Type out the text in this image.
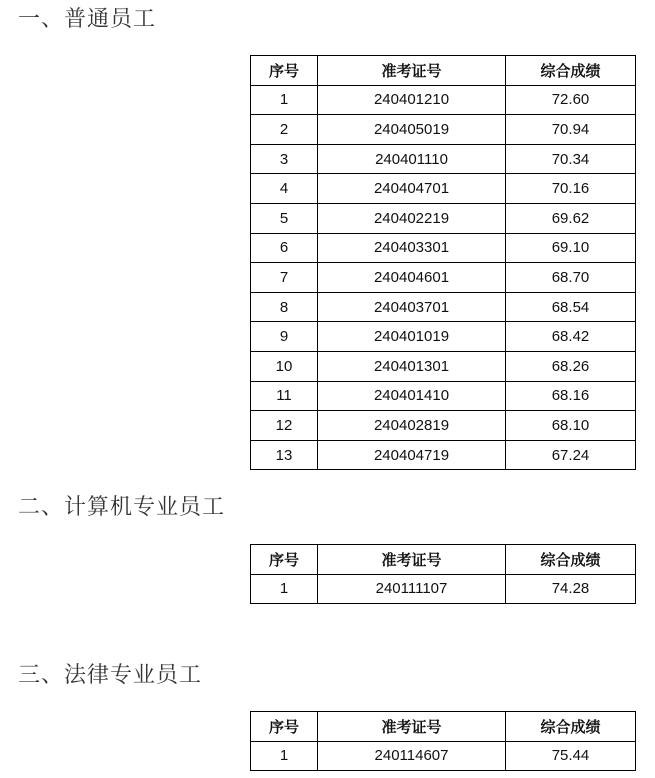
一、普通员工
序号	准考证号	综合成绩
1	240401210	72.60
2	240405019	70.94
3	240401110	70.34
4	240404701	70.16
5	240402219	69.62
6	240403301	69.10
7	240404601	68.70
8	240403701	68.54
9	240401019	68.42
10	240401301	68.26
11	240401410	68.16
12	240402819	68.10
13	240404719	67.24
二、计算机专业员工
序号	准考证号	综合成绩
1	240111107	74.28
三、法律专业员工
序号	准考证号	综合成绩
1	240114607	75.44
